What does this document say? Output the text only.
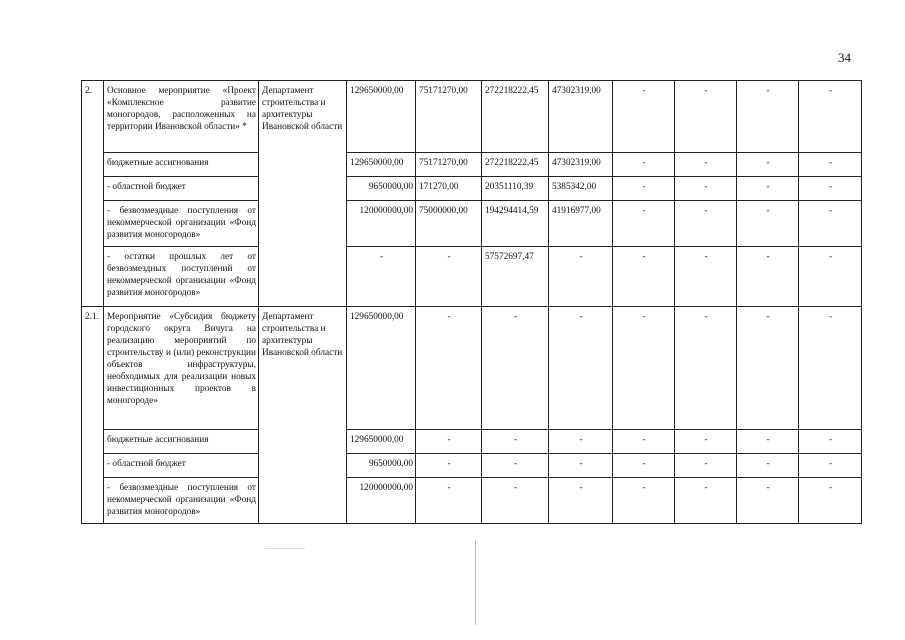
34
2.	Основное мероприятие «Проект «Комплексное развитие моногородов, расположенных на территории Ивановской области» *	Департамент строительства и архитектуры Ивановской области	129650000,00	75171270,00	272218222,45	47302319,00	-	-	-	-
	бюджетные ассигнования		129650000,00	75171270,00	272218222,45	47302319,00	-	-	-	-
	- областной бюджет		9650000,00	171270,00	20351110,39	5385342,00	-	-	-	-
	- безвозмездные поступления от некоммерческой организации «Фонд развития моногородов»		120000000,00	75000000,00	194294414,59	41916977,00	-	-	-	-
	- остатки прошлых лет от безвозмездных поступлений от некоммерческой организации «Фонд развития моногородов»		-	-	57572697,47	-	-	-	-	-
2.1.	Мероприятие «Субсидия бюджету городского округа Вичуга на реализацию мероприятий по строительству и (или) реконструкции объектов инфраструктуры, необходимых для реализации новых инвестиционных проектов в моногороде»	Департамент строительства и архитектуры Ивановской области	129650000,00	-	-	-	-	-	-	-
	бюджетные ассигнования		129650000,00	-	-	-	-	-	-	-
	- областной бюджет		9650000,00	-	-	-	-	-	-	-
	- безвозмездные поступления от некоммерческой организации «Фонд развития моногородов»		120000000,00	-	-	-	-	-	-	-
